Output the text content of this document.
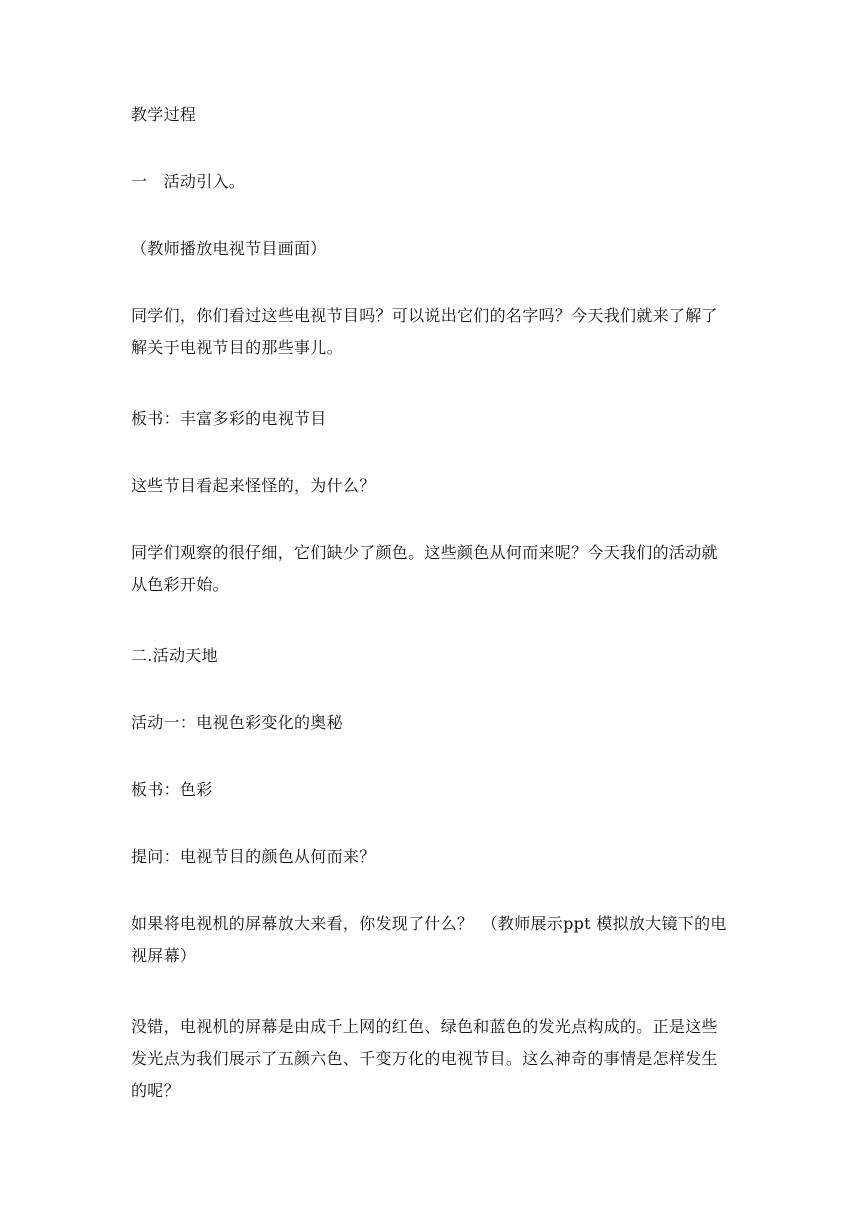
教学过程
一　活动引入。
（教师播放电视节目画面）
同学们，你们看过这些电视节目吗？可以说出它们的名字吗？今天我们就来了解了解关于电视节目的那些事儿。
板书：丰富多彩的电视节目
这些节目看起来怪怪的，为什么？
同学们观察的很仔细，它们缺少了颜色。这些颜色从何而来呢？今天我们的活动就从色彩开始。
二.活动天地
活动一：电视色彩变化的奥秘
板书：色彩
提问：电视节目的颜色从何而来？
如果将电视机的屏幕放大来看，你发现了什么？　（教师展示ppt 模拟放大镜下的电视屏幕）
没错，电视机的屏幕是由成千上网的红色、绿色和蓝色的发光点构成的。正是这些发光点为我们展示了五颜六色、千变万化的电视节目。这么神奇的事情是怎样发生的呢？
